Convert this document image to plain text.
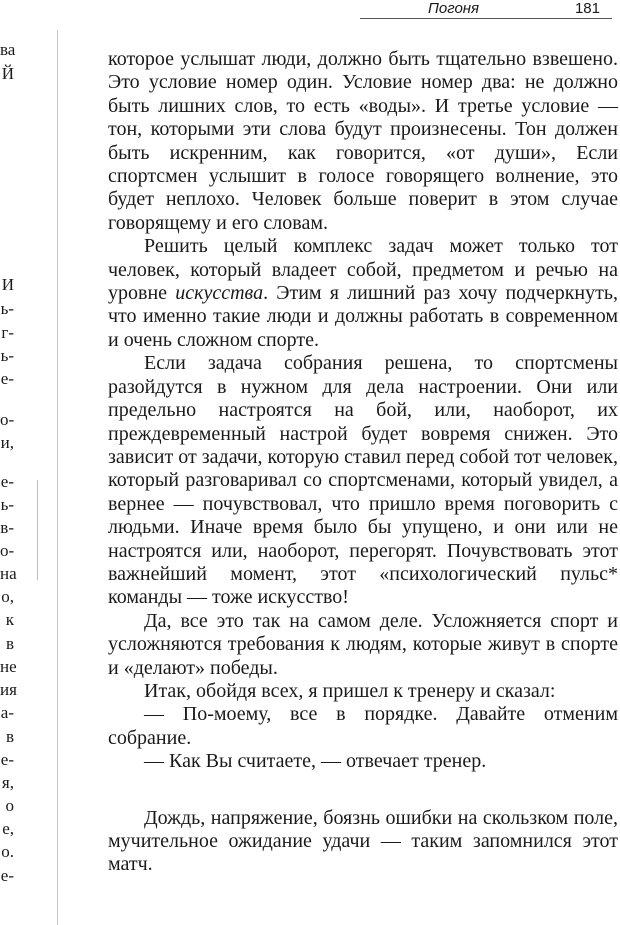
Погоня	181
ва
Й
И
ь-
г-
ь-
е-
о-
и,
е-
ь-
в-
о-
на
о,
к
в
не
ия
а-
в
е-
я,
о
е,
о.
е-

которое услышат люди, должно быть тщательно взвешено. Это условие номер один. Условие номер два: не должно быть лишних слов, то есть «воды». И третье условие — тон, которыми эти слова будут произнесены. Тон должен быть искренним, как говорится, «от души», Если спортсмен услышит в голосе говорящего волнение, это будет неплохо. Человек больше поверит в этом случае говорящему и его словам.

Решить целый комплекс задач может только тот человек, который владеет собой, предметом и речью на уровне искусства. Этим я лишний раз хочу подчеркнуть, что именно такие люди и должны работать в современном и очень сложном спорте.

Если задача собрания решена, то спортсмены разойдутся в нужном для дела настроении. Они или предельно настроятся на бой, или, наоборот, их преждевременный настрой будет вовремя снижен. Это зависит от задачи, которую ставил перед собой тот человек, который разговаривал со спортсменами, который увидел, а вернее — почувствовал, что пришло время поговорить с людьми. Иначе время было бы упущено, и они или не настроятся или, наоборот, перегорят. Почувствовать этот важнейший момент, этот «психологический пульс* команды — тоже искусство!

Да, все это так на самом деле. Усложняется спорт и усложняются требования к людям, которые живут в спорте и «делают» победы.

Итак, обойдя всех, я пришел к тренеру и сказал:

— По-моему, все в порядке. Давайте отменим собрание.

— Как Вы считаете, — отвечает тренер.

Дождь, напряжение, боязнь ошибки на скользком поле, мучительное ожидание удачи — таким запомнился этот матч.
